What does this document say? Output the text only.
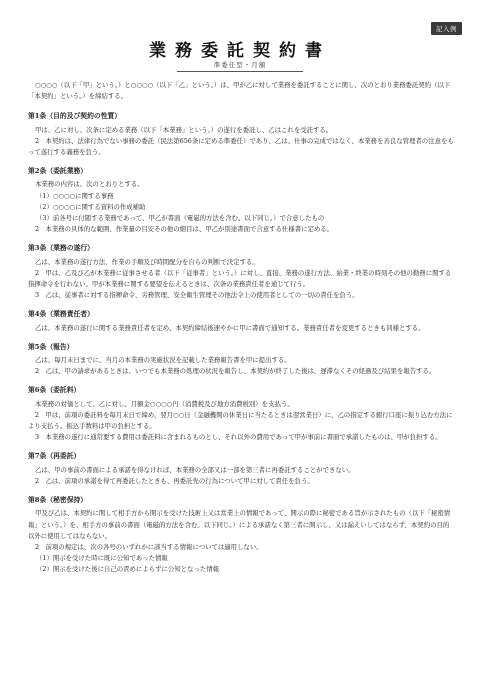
記入例
業務委託契約書
準委任型・月額

○○○○（以下「甲」という。）と○○○○（以下「乙」という。）は、甲が乙に対して業務を委託することに関し、次のとおり業務委託契約（以下「本契約」という。）を締結する。

第1条（目的及び契約の性質）

甲は、乙に対し、次条に定める業務（以下「本業務」という。）の遂行を委託し、乙はこれを受託する。

2　本契約は、法律行為でない事務の委託（民法第656条に定める準委任）であり、乙は、仕事の完成ではなく、本業務を善良な管理者の注意をもって遂行する義務を負う。

第2条（委託業務）

本業務の内容は、次のとおりとする。

（1）○○○○に関する事務

（2）○○○○に関する資料の作成補助

（3）前各号に付随する業務であって、甲乙が書面（電磁的方法を含む。以下同じ。）で合意したもの

2　本業務の具体的な範囲、作業量の目安その他の細目は、甲乙が別途書面で合意する仕様書に定める。

第3条（業務の遂行）

乙は、本業務の遂行方法、作業の手順及び時間配分を自らの判断で決定する。

2　甲は、乙及び乙が本業務に従事させる者（以下「従事者」という。）に対し、直接、業務の遂行方法、始業・終業の時刻その他の勤務に関する指揮命令を行わない。甲が本業務に関する要望を伝えるときは、次条の業務責任者を通じて行う。

3　乙は、従事者に対する指揮命令、労務管理、安全衛生管理その他法令上の使用者としての一切の責任を負う。

第4条（業務責任者）

乙は、本業務の遂行に関する業務責任者を定め、本契約締結後速やかに甲に書面で通知する。業務責任者を変更するときも同様とする。

第5条（報告）

乙は、毎月末日までに、当月の本業務の実施状況を記載した業務報告書を甲に提出する。

2　乙は、甲の請求があるときは、いつでも本業務の処理の状況を報告し、本契約が終了した後は、遅滞なくその経過及び結果を報告する。

第6条（委託料）

本業務の対価として、乙に対し、月額金○○○○円（消費税及び地方消費税別）を支払う。

2　甲は、前項の委託料を毎月末日で締め、翌月○○日（金融機関の休業日に当たるときは翌営業日）に、乙の指定する銀行口座に振り込む方法により支払う。振込手数料は甲の負担とする。

3　本業務の遂行に通常要する費用は委託料に含まれるものとし、それ以外の費用であって甲が事前に書面で承諾したものは、甲が負担する。

第7条（再委託）

乙は、甲の事前の書面による承諾を得なければ、本業務の全部又は一部を第三者に再委託することができない。

2　乙は、前項の承諾を得て再委託したときも、再委託先の行為について甲に対して責任を負う。

第8条（秘密保持）

甲及び乙は、本契約に関して相手方から開示を受けた技術上又は営業上の情報であって、開示の際に秘密である旨が示されたもの（以下「秘密情報」という。）を、相手方の事前の書面（電磁的方法を含む。以下同じ。）による承諾なく第三者に開示し、又は漏えいしてはならず、本契約の目的以外に使用してはならない。

2　前項の規定は、次の各号のいずれかに該当する情報については適用しない。

（1）開示を受けた時に既に公知であった情報

（2）開示を受けた後に自己の責めによらずに公知となった情報
